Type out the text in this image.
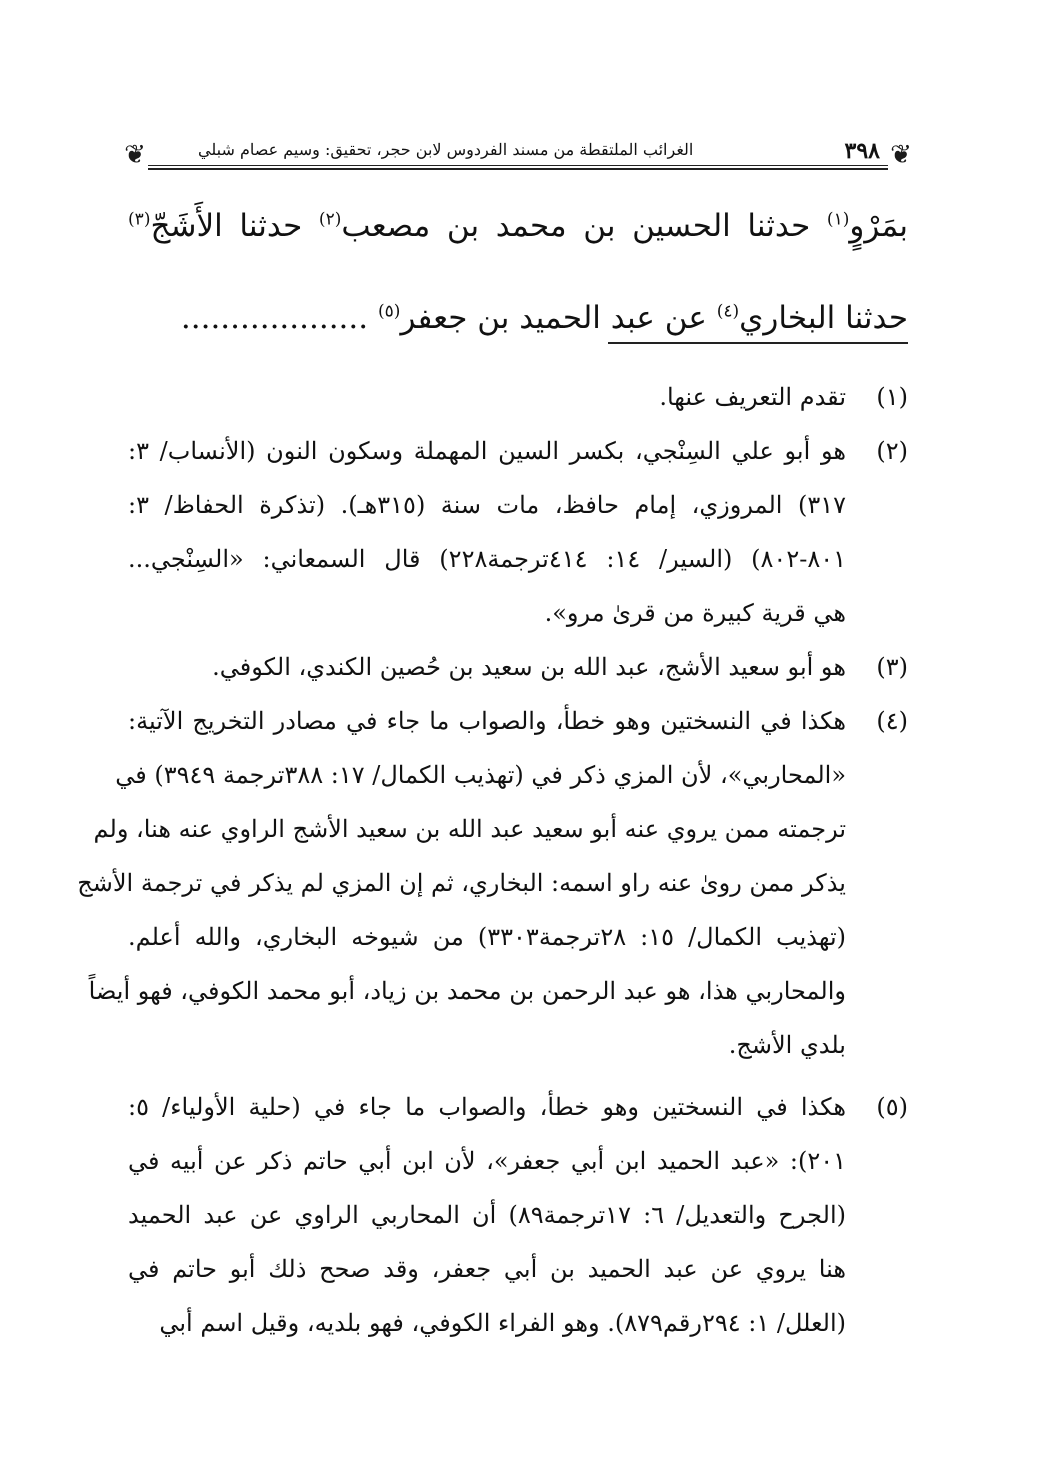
❦
٣٩٨
الغرائب الملتقطة من مسند الفردوس لابن حجر، تحقيق: وسيم عصام شبلي
❦
بمَرْوٍ$^{(١)}$ حدثنا الحسين بن محمد بن مصعب$^{(٢)}$ حدثنا الأَشَجّ$^{(٣)}$
حدثنا البخاري$^{(٤)}$ عن عبد الحميد بن جعفر$^{(٥)}$ ...................
(١)
تقدم التعريف عنها.
(٢)
هو أبو علي السِنْجي، بكسر السين المهملة وسكون النون (الأنساب/ ٣:
٣١٧) المروزي، إمام حافظ، مات سنة (٣١٥هـ). (تذكرة الحفاظ/ ٣:
٨٠١-٨٠٢) (السير/ ١٤: ٤١٤ترجمة٢٢٨) قال السمعاني: «السِنْجي...
هي قرية كبيرة من قرىٰ مرو».
(٣)
هو أبو سعيد الأشج، عبد الله بن سعيد بن حُصين الكندي، الكوفي.
(٤)
هكذا في النسختين وهو خطأ، والصواب ما جاء في مصادر التخريج الآتية:
«المحاربي»، لأن المزي ذكر في (تهذيب الكمال/ ١٧: ٣٨٨ترجمة ٣٩٤٩) في
ترجمته ممن يروي عنه أبو سعيد عبد الله بن سعيد الأشج الراوي عنه هنا، ولم
يذكر ممن روىٰ عنه راو اسمه: البخاري، ثم إن المزي لم يذكر في ترجمة الأشج
(تهذيب الكمال/ ١٥: ٢٨ترجمة٣٣٠٣) من شيوخه البخاري، والله أعلم.
والمحاربي هذا، هو عبد الرحمن بن محمد بن زياد، أبو محمد الكوفي، فهو أيضاً
بلدي الأشج.
(٥)
هكذا في النسختين وهو خطأ، والصواب ما جاء في (حلية الأولياء/ ٥:
٢٠١): «عبد الحميد ابن أبي جعفر»، لأن ابن أبي حاتم ذكر عن أبيه في
(الجرح والتعديل/ ٦: ١٧ترجمة٨٩) أن المحاربي الراوي عن عبد الحميد
هنا يروي عن عبد الحميد بن أبي جعفر، وقد صحح ذلك أبو حاتم في
(العلل/ ١: ٢٩٤رقم٨٧٩). وهو الفراء الكوفي، فهو بلديه، وقيل اسم أبي
